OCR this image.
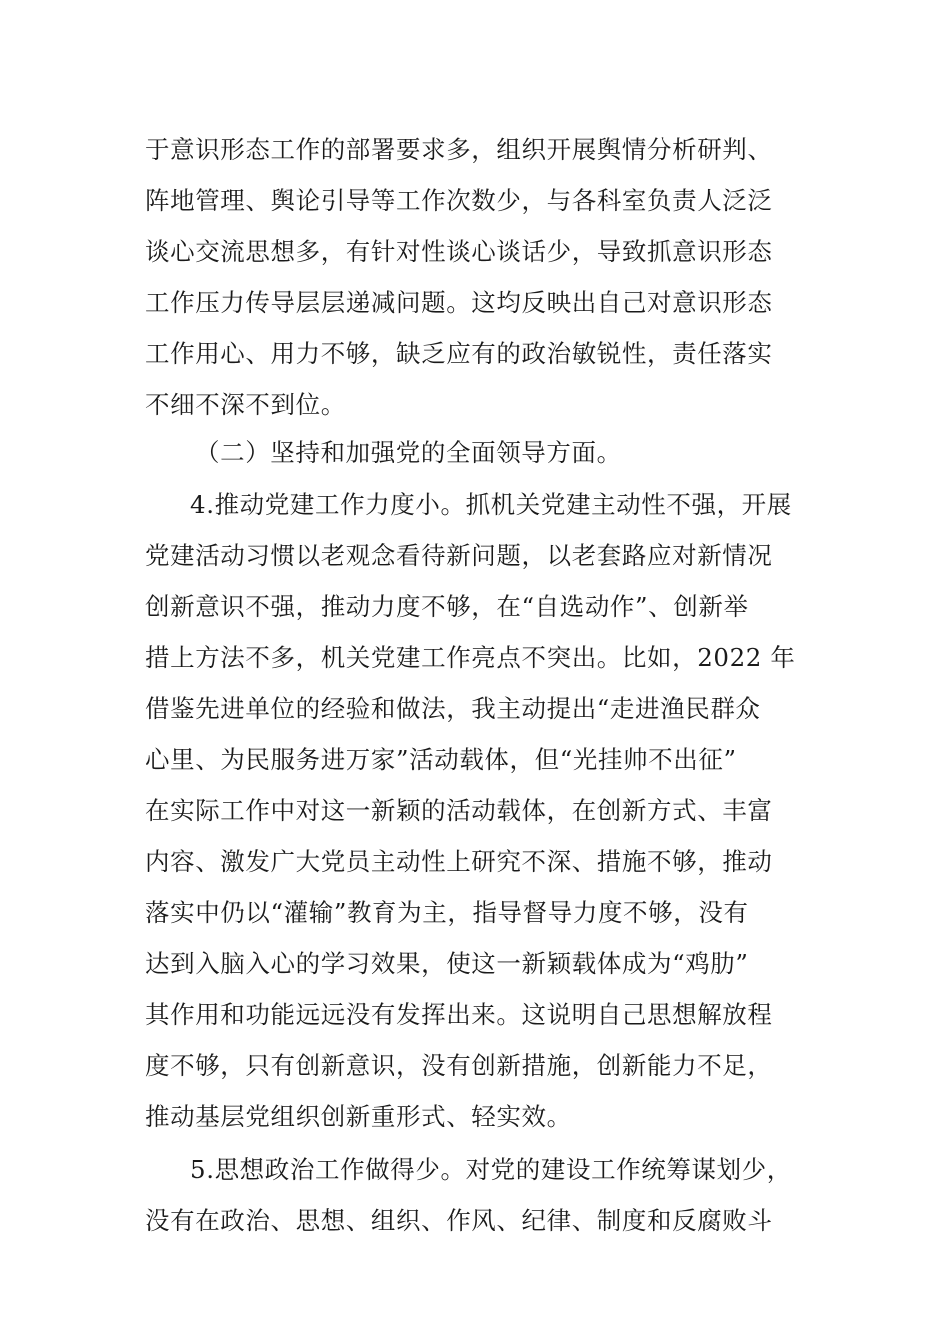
于意识形态工作的部署要求多，组织开展舆情分析研判、
阵地管理、舆论引导等工作次数少，与各科室负责人泛泛
谈心交流思想多，有针对性谈心谈话少，导致抓意识形态
工作压力传导层层递减问题。这均反映出自己对意识形态
工作用心、用力不够，缺乏应有的政治敏锐性，责任落实
不细不深不到位。
（二）坚持和加强党的全面领导方面。
4.推动党建工作力度小。抓机关党建主动性不强，开展
党建活动习惯以老观念看待新问题，以老套路应对新情况
创新意识不强，推动力度不够，在“自选动作”、创新举
措上方法不多，机关党建工作亮点不突出。比如，2022 年
借鉴先进单位的经验和做法，我主动提出“走进渔民群众
心里、为民服务进万家”活动载体，但“光挂帅不出征”
在实际工作中对这一新颖的活动载体，在创新方式、丰富
内容、激发广大党员主动性上研究不深、措施不够，推动
落实中仍以“灌输”教育为主，指导督导力度不够，没有
达到入脑入心的学习效果，使这一新颖载体成为“鸡肋”
其作用和功能远远没有发挥出来。这说明自己思想解放程
度不够，只有创新意识，没有创新措施，创新能力不足，
推动基层党组织创新重形式、轻实效。
5.思想政治工作做得少。对党的建设工作统筹谋划少，
没有在政治、思想、组织、作风、纪律、制度和反腐败斗
